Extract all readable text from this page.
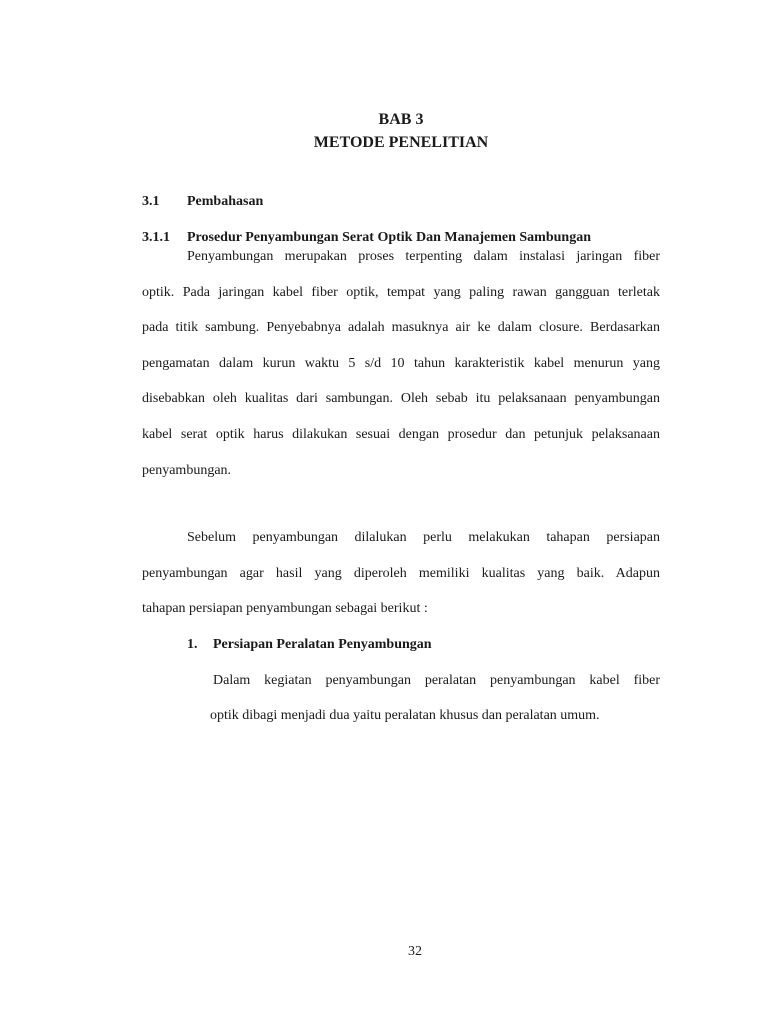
BAB 3
METODE PENELITIAN
3.1 Pembahasan
3.1.1 Prosedur Penyambungan Serat Optik Dan Manajemen Sambungan
Penyambungan merupakan proses terpenting dalam instalasi jaringan fiber
optik. Pada jaringan kabel fiber optik, tempat yang paling rawan gangguan terletak
pada titik sambung. Penyebabnya adalah masuknya air ke dalam closure. Berdasarkan
pengamatan dalam kurun waktu 5 s/d 10 tahun karakteristik kabel menurun yang
disebabkan oleh kualitas dari sambungan. Oleh sebab itu pelaksanaan penyambungan
kabel serat optik harus dilakukan sesuai dengan prosedur dan petunjuk pelaksanaan
penyambungan.
Sebelum penyambungan dilalukan perlu melakukan tahapan persiapan
penyambungan agar hasil yang diperoleh memiliki kualitas yang baik. Adapun
tahapan persiapan penyambungan sebagai berikut :
1. Persiapan Peralatan Penyambungan
Dalam kegiatan penyambungan peralatan penyambungan kabel fiber
optik dibagi menjadi dua yaitu peralatan khusus dan peralatan umum.
32
